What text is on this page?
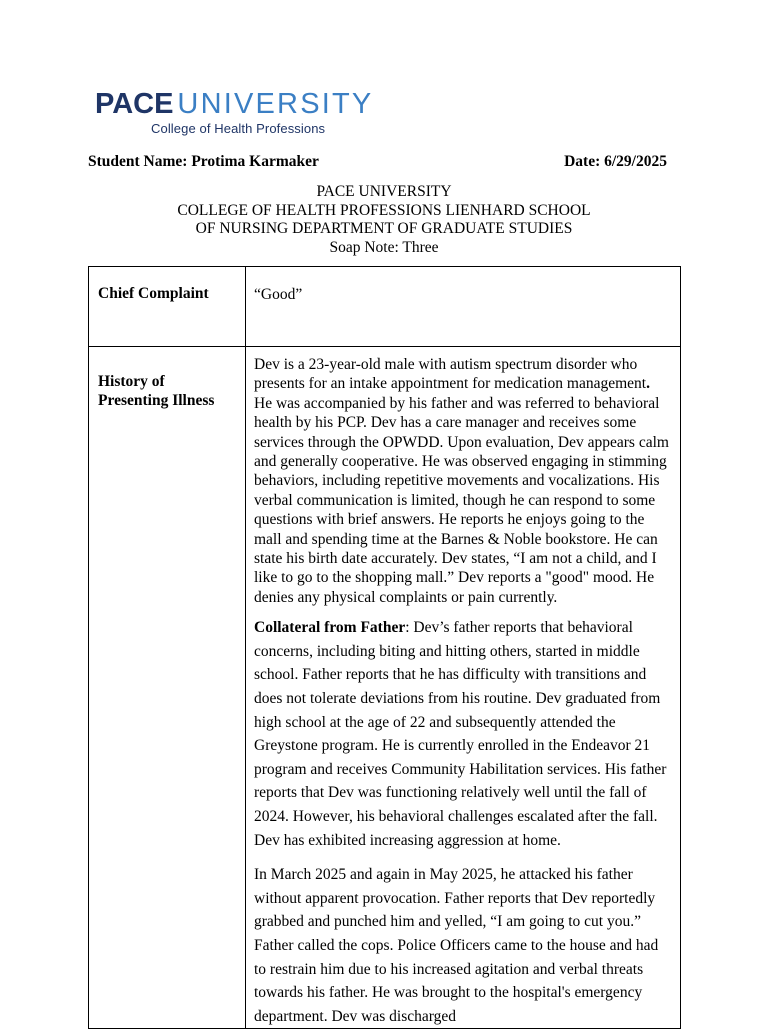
PACE UNIVERSITY
College of Health Professions
Student Name: Protima Karmaker	Date: 6/29/2025
PACE UNIVERSITY
COLLEGE OF HEALTH PROFESSIONS LIENHARD SCHOOL
OF NURSING DEPARTMENT OF GRADUATE STUDIES
Soap Note: Three
Chief Complaint	“Good”
History of Presenting Illness	Dev is a 23-year-old male with autism spectrum disorder who presents for an intake appointment for medication management. He was accompanied by his father and was referred to behavioral health by his PCP. Dev has a care manager and receives some services through the OPWDD. Upon evaluation, Dev appears calm and generally cooperative. He was observed engaging in stimming behaviors, including repetitive movements and vocalizations. His verbal communication is limited, though he can respond to some questions with brief answers. He reports he enjoys going to the mall and spending time at the Barnes & Noble bookstore. He can state his birth date accurately. Dev states, “I am not a child, and I like to go to the shopping mall.” Dev reports a "good" mood. He denies any physical complaints or pain currently.

Collateral from Father: Dev’s father reports that behavioral concerns, including biting and hitting others, started in middle school. Father reports that he has difficulty with transitions and does not tolerate deviations from his routine. Dev graduated from high school at the age of 22 and subsequently attended the Greystone program. He is currently enrolled in the Endeavor 21 program and receives Community Habilitation services. His father reports that Dev was functioning relatively well until the fall of 2024. However, his behavioral challenges escalated after the fall. Dev has exhibited increasing aggression at home.

In March 2025 and again in May 2025, he attacked his father without apparent provocation. Father reports that Dev reportedly grabbed and punched him and yelled, “I am going to cut you.” Father called the cops. Police Officers came to the house and had to restrain him due to his increased agitation and verbal threats towards his father. He was brought to the hospital's emergency department. Dev was discharged
